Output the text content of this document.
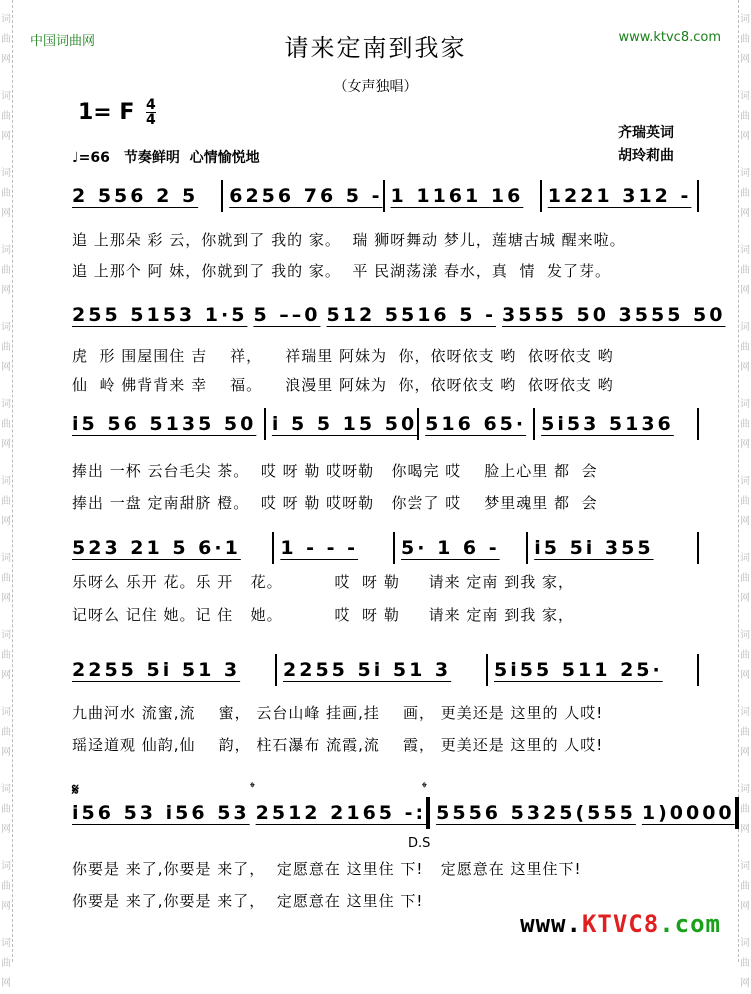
中国词曲网	www.ktvc8.com
请来定南到我家
（女声独唱）
1= F $\frac{4}{4}$
齐瑞英词
胡玲莉曲
♩=66　节奏鲜明  心情愉悦地
2 556 2 5	6256 76 5 - 1 1161 16	1221 312 -
追 上那朵 彩 云，你就到了 我的 家。  瑞 狮呀舞动 梦儿，莲塘古城 醒来啦。
追 上那个 阿 妹，你就到了 我的 家。  平 民湖荡漾 春水，真  情  发了芽。
255 5153 1·5 5 ––0 512 5516 5 - 3555 50 3555 50
虎  形 围屋围住 吉    祥，    祥瑞里 阿妹为  你，依呀依支 哟  依呀依支 哟
仙  岭 佛背背来 幸    福。    浪漫里 阿妹为  你，依呀依支 哟  依呀依支 哟
i5 56 5135 50 i 5 5 15 50 516 65· 5i53 5136
捧出 一杯 云台毛尖 茶。  哎 呀 勒 哎呀勒   你喝完 哎    脸上心里 都  会
捧出 一盘 定南甜脐 橙。  哎 呀 勒 哎呀勒   你尝了 哎    梦里魂里 都  会
523 21 5 6·1	1 - - -	5· 1 6 -	i5 5i 355
乐呀么 乐开 花。乐 开   花。         哎  呀 勒     请来 定南 到我 家，
记呀么 记住 她。记 住   她。         哎  呀 勒     请来 定南 到我 家，
2255 5i 51 3	2255 5i 51 3	5i55 511 25·
九曲河水 流蜜,流    蜜， 云台山峰 挂画,挂    画， 更美还是 这里的 人哎!
瑶迳道观 仙韵,仙    韵， 柱石瀑布 流霞,流    霞， 更美还是 这里的 人哎!
𝄋	𝄌	𝄌
i56 53 i56 53 2512 2165 -: 5556 5325(555 1)0000
D.S
你要是 来了,你要是 来了，  定愿意在 这里住 下!   定愿意在 这里住下!
你要是 来了,你要是 来了，  定愿意在 这里住 下!
www.KTVC8.com
词
曲
网
词
曲
网
词
曲
网
词
曲
网
词
曲
网
词
曲
网
词
曲
网
词
曲
网
词
曲
网
词
曲
网
词
曲
网
词
曲
网
词
曲
网
词
曲
网
词
曲
网
词
曲
网
词
曲
网
词
曲
网
词
曲
网
词
曲
网
词
曲
网
词
曲
网
词
曲
网
词
曲
网
词
曲
网
词
曲
网
